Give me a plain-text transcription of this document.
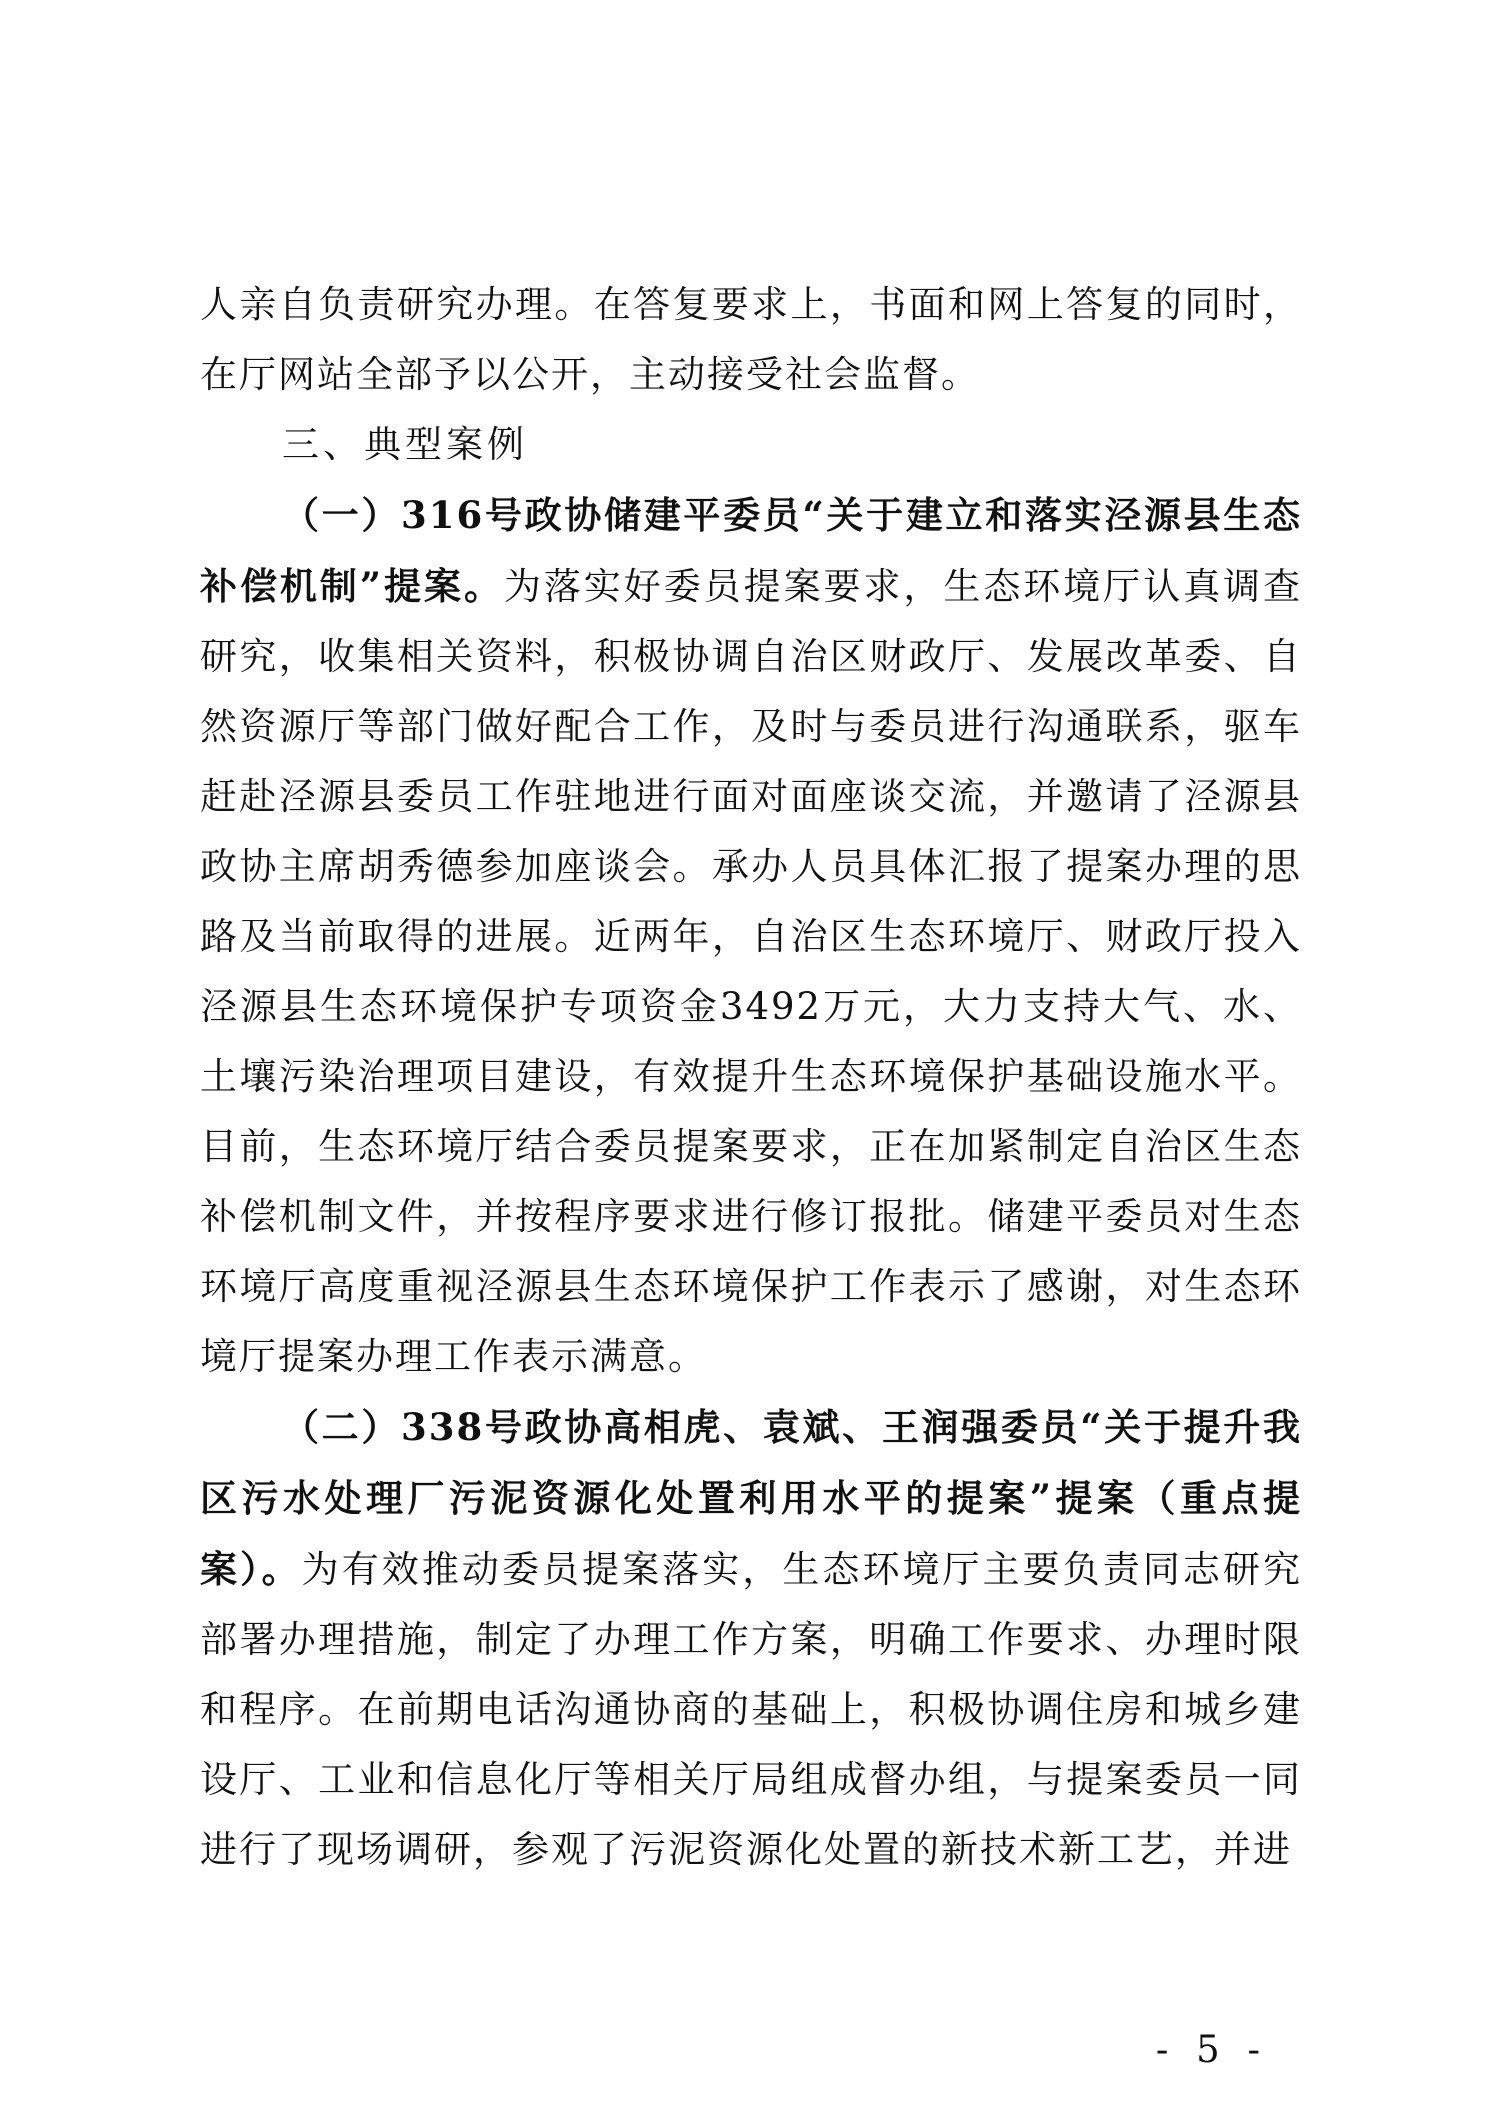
人亲自负责研究办理。在答复要求上，书面和网上答复的同时，在厅网站全部予以公开，主动接受社会监督。

三、典型案例

（一）316号政协储建平委员“关于建立和落实泾源县生态补偿机制”提案。为落实好委员提案要求，生态环境厅认真调查研究，收集相关资料，积极协调自治区财政厅、发展改革委、自然资源厅等部门做好配合工作，及时与委员进行沟通联系，驱车赶赴泾源县委员工作驻地进行面对面座谈交流，并邀请了泾源县政协主席胡秀德参加座谈会。承办人员具体汇报了提案办理的思路及当前取得的进展。近两年，自治区生态环境厅、财政厅投入泾源县生态环境保护专项资金3492万元，大力支持大气、水、土壤污染治理项目建设，有效提升生态环境保护基础设施水平。目前，生态环境厅结合委员提案要求，正在加紧制定自治区生态补偿机制文件，并按程序要求进行修订报批。储建平委员对生态环境厅高度重视泾源县生态环境保护工作表示了感谢，对生态环境厅提案办理工作表示满意。

（二）338号政协高相虎、袁斌、王润强委员“关于提升我区污水处理厂污泥资源化处置利用水平的提案”提案（重点提案）。为有效推动委员提案落实，生态环境厅主要负责同志研究部署办理措施，制定了办理工作方案，明确工作要求、办理时限和程序。在前期电话沟通协商的基础上，积极协调住房和城乡建设厅、工业和信息化厅等相关厅局组成督办组，与提案委员一同进行了现场调研，参观了污泥资源化处置的新技术新工艺，并进

- 5 -
